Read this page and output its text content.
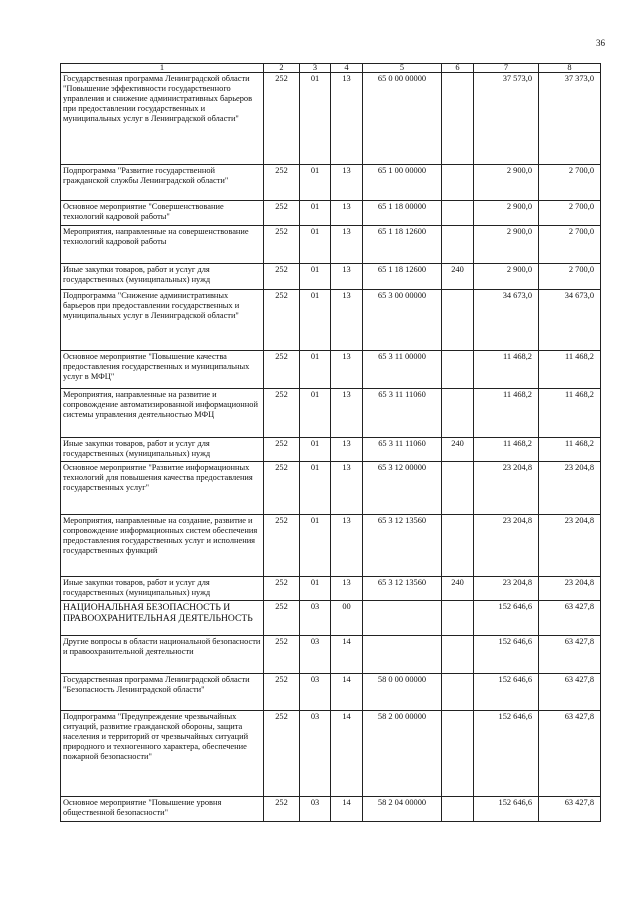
36
1	2	3	4	5	6	7	8
Государственная программа Ленинградской области "Повышение эффективности государственного управления и снижение административных барьеров при предоставлении государственных и муниципальных услуг в Ленинградской области"	252	01	13	65 0 00 00000		37 573,0	37 373,0
Подпрограмма "Развитие государственной гражданской службы Ленинградской области"	252	01	13	65 1 00 00000		2 900,0	2 700,0
Основное мероприятие "Совершенствование технологий кадровой работы"	252	01	13	65 1 18 00000		2 900,0	2 700,0
Мероприятия, направленные на совершенствование технологий кадровой работы	252	01	13	65 1 18 12600		2 900,0	2 700,0
Иные закупки товаров, работ и услуг для государственных (муниципальных) нужд	252	01	13	65 1 18 12600	240	2 900,0	2 700,0
Подпрограмма "Снижение административных барьеров при предоставлении государственных и муниципальных услуг в Ленинградской области"	252	01	13	65 3 00 00000		34 673,0	34 673,0
Основное мероприятие "Повышение качества предоставления государственных и муниципальных услуг в МФЦ"	252	01	13	65 3 11 00000		11 468,2	11 468,2
Мероприятия, направленные на развитие и сопровождение автоматизированной информационной системы управления деятельностью МФЦ	252	01	13	65 3 11 11060		11 468,2	11 468,2
Иные закупки товаров, работ и услуг для государственных (муниципальных) нужд	252	01	13	65 3 11 11060	240	11 468,2	11 468,2
Основное мероприятие "Развитие информационных технологий для повышения качества предоставления государственных услуг"	252	01	13	65 3 12 00000		23 204,8	23 204,8
Мероприятия, направленные на создание, развитие и сопровождение информационных систем обеспечения предоставления государственных услуг и исполнения государственных функций	252	01	13	65 3 12 13560		23 204,8	23 204,8
Иные закупки товаров, работ и услуг для государственных (муниципальных) нужд	252	01	13	65 3 12 13560	240	23 204,8	23 204,8
НАЦИОНАЛЬНАЯ БЕЗОПАСНОСТЬ И ПРАВООХРАНИТЕЛЬНАЯ ДЕЯТЕЛЬНОСТЬ	252	03	00			152 646,6	63 427,8
Другие вопросы в области национальной безопасности и правоохранительной деятельности	252	03	14			152 646,6	63 427,8
Государственная программа Ленинградской области "Безопасность Ленинградской области"	252	03	14	58 0 00 00000		152 646,6	63 427,8
Подпрограмма "Предупреждение чрезвычайных ситуаций, развитие гражданской обороны, защита населения и территорий от чрезвычайных ситуаций природного и техногенного характера, обеспечение пожарной безопасности"	252	03	14	58 2 00 00000		152 646,6	63 427,8
Основное мероприятие "Повышение уровня общественной безопасности"	252	03	14	58 2 04 00000		152 646,6	63 427,8
